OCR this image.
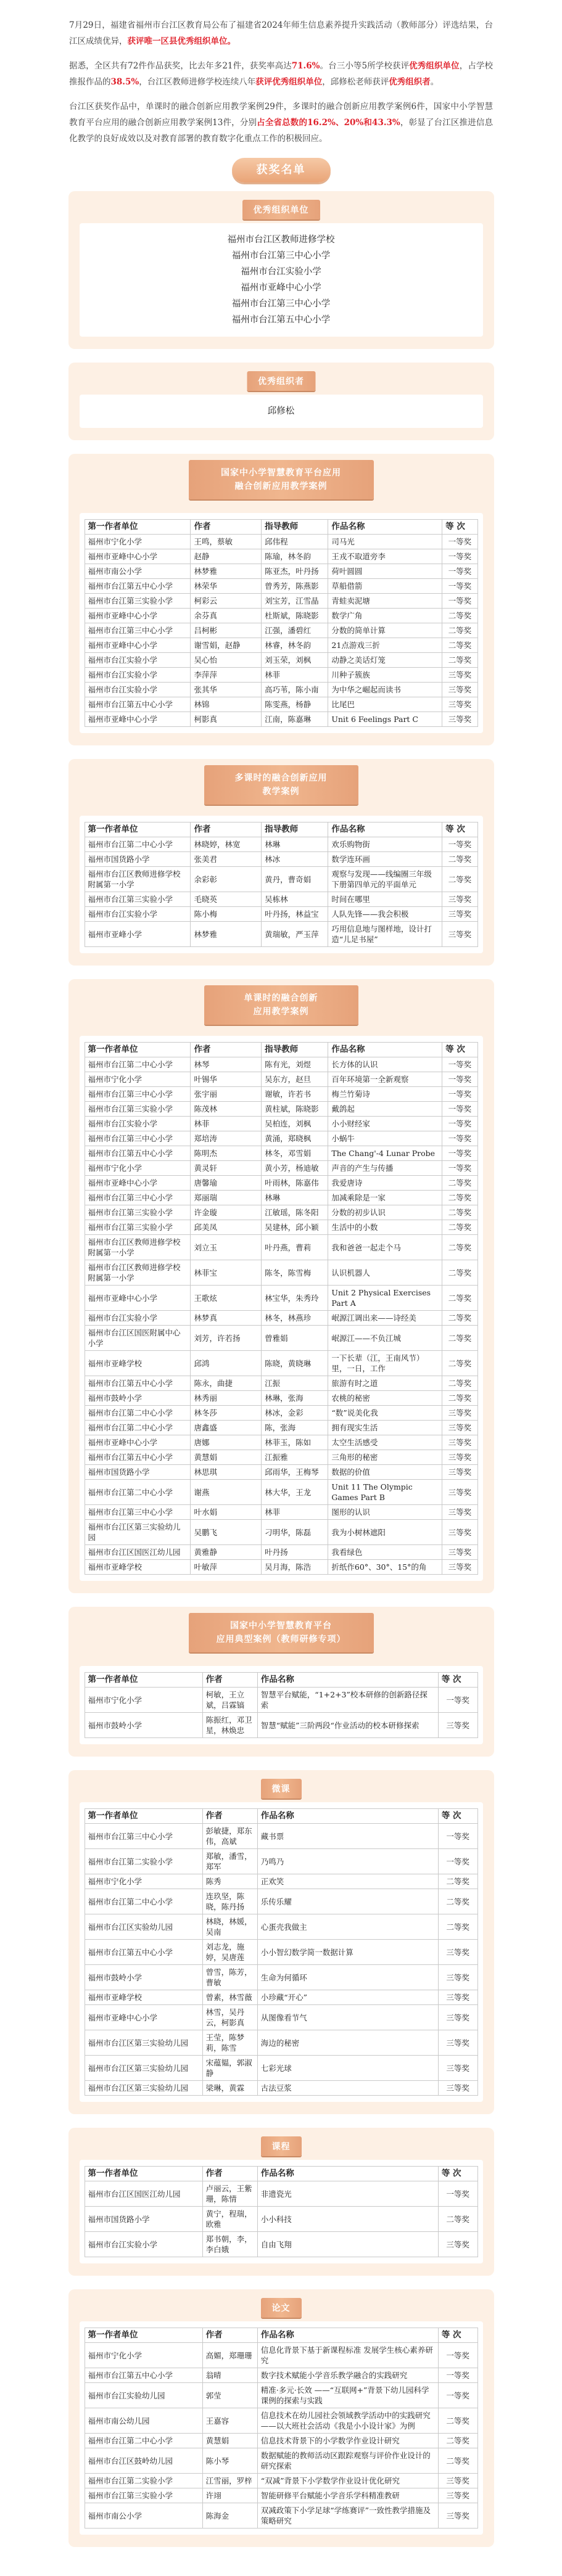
7月29日，福建省福州市台江区教育局公布了福建省2024年师生信息素养提升实践活动（教师部分）评选结果，台江区成绩优异，获评唯一区县优秀组织单位。

据悉，全区共有72件作品获奖，比去年多21件，获奖率高达71.6%。台三小等5所学校获评优秀组织单位，占学校推报作品的38.5%，台江区教师进修学校连续八年获评优秀组织单位，邱修松老师获评优秀组织者。

台江区获奖作品中，单课时的融合创新应用教学案例29件，多课时的融合创新应用教学案例6件，国家中小学智慧教育平台应用的融合创新应用教学案例13件，分别占全省总数的16.2%、20%和43.3%，彰显了台江区推进信息化教学的良好成效以及对教育部署的教育数字化重点工作的积极回应。

获奖名单
优秀组织单位
福州市台江区教师进修学校
福州市台江第三中心小学
福州市台江实验小学
福州市亚峰中心小学
福州市台江第三中心小学
福州市台江第五中心小学
优秀组织者
邱修松
国家中小学智慧教育平台应用
融合创新应用教学案例
第一作者单位	作者	指导教师	作品名称	等 次
福州市宁化小学	王鸣，蔡敏	邱伟程	司马光	一等奖
福州市亚峰中心小学	赵静	陈瑜，林冬韵	王戎不取道旁李	一等奖
福州市南公小学	林梦雅	陈亚杰，叶丹扬	荷叶圆圆	一等奖
福州市台江第五中心小学	林荣华	曾秀芳，陈燕影	草船借箭	一等奖
福州市台江第三实验小学	柯彩云	刘宝芳，江雪晶	青蛙卖泥塘	一等奖
福州市亚峰中心小学	余芬真	杜斯斌，陈晓影	数学广角	二等奖
福州市台江第三中心小学	吕柯彬	江强，潘碧红	分数的简单计算	二等奖
福州市亚峰中心小学	谢雪娟，赵静	林睿，林冬韵	21点游戏三折	二等奖
福州市台江实验小学	吴心怡	刘玉荣，刘枫	动静之美话灯笼	二等奖
福州市台江实验小学	李萍萍	林菲	川种子簇族	三等奖
福州市台江实验小学	张其华	高巧苇，陈小南	为中华之崛起而读书	三等奖
福州市台江第五中心小学	林锦	陈雯燕，杨静	比尾巴	三等奖
福州市亚峰中心小学	柯影真	江南，陈嘉琳	Unit 6 Feelings Part C	三等奖
多课时的融合创新应用
教学案例
第一作者单位	作者	指导教师	作品名称	等 次
福州市台江第二中心小学	林晓婷，林宽	林琳	欢乐购物街	一等奖
福州市国货路小学	张美君	林冰	数学连环画	二等奖
福州市台江区教师进修学校附属第一小学	余彩彰	黄丹，曹奇娟	观察与发现——线编圈三年级下册第四单元的平面单元	二等奖
福州市台江第三实验小学	毛晓英	吴栋林	时间在哪里	三等奖
福州市台江实验小学	陈小梅	叶丹扬，林益宝	人队先锋——我会积极	三等奖
福州市亚峰小学	林梦雅	黄瑞敏，严玉萍	巧用信息地与图样地，设计打造“儿足书屋”	三等奖
单课时的融合创新
应用教学案例
第一作者单位	作者	指导教师	作品名称	等 次
福州市台江第二中心小学	林琴	陈有光，刘煜	长方体的认识	一等奖
福州市宁化小学	叶锡华	吴东方，赵旦	百年环境第一全新观察	一等奖
福州市台江第三中心小学	张宇丽	谢敏，许若书	梅兰竹菊诗	一等奖
福州市台江第三实验小学	陈茂林	黄柱斌，陈晓影	戴鸽起	一等奖
福州市台江实验小学	林菲	吴柏连，刘枫	小小财经家	一等奖
福州市台江第三中心小学	郑培涛	黄涌，郑晓枫	小蜗牛	一等奖
福州市台江第五中心小学	陈明杰	林冬，邓雪娟	The Chang'-4 Lunar Probe	一等奖
福州市宁化小学	黄灵轩	黄小芳，杨迪敏	声音的产生与传播	一等奖
福州市亚峰中心小学	唐馨瑜	叶雨林，陈嘉伟	我爱唐诗	二等奖
福州市台江第三中心小学	郑丽瑞	林琳	加减乘除是一家	二等奖
福州市台江第三实验小学	许金璇	江敏瑶，陈冬阳	分数的初步认识	二等奖
福州市台江第三实验小学	邱美凤	吴建林，邱小颖	生活中的小数	二等奖
福州市台江区教师进修学校附属第一小学	刘立玉	叶丹燕，曹莉	我和爸爸一起走个马	二等奖
福州市台江区教师进修学校附属第一小学	林菲宝	陈冬，陈雪梅	认识机器人	二等奖
福州市亚峰中心小学	王歌炫	林宝华，朱秀玲	Unit 2 Physical Exercises Part A	二等奖
福州市台江实验小学	林梦真	林冬，林燕珍	岷源江调出来——诗经美	二等奖
福州市台江区国医附属中心小学	刘芳，许若扬	曾雅娟	岷源江——不负江城	二等奖
福州市亚峰学校	邱鸿	陈晓，黄晓琳	一下长辈（江，王南风节）里，一日，工作	二等奖
福州市台江第五中心小学	陈永，曲捷	江振	旅游有时之道	二等奖
福州市鼓岭小学	林秀丽	林琳，张海	农桃的秘密	二等奖
福州市台江第二中心小学	林冬莎	林冰，金彩	“数”说美化我	三等奖
福州市台江第二中心小学	唐鑫盛	陈，张海	拥有现实生活	三等奖
福州市亚峰中心小学	唐娜	林菲玉，陈如	太空生活感受	三等奖
福州市台江第五中心小学	黄慧娟	江振雅	三角形的秘密	三等奖
福州市国货路小学	林思琪	邱雨华，王梅琴	数据的价值	三等奖
福州市台江第二中心小学	谢燕	林大华，王龙	Unit 11 The Olympic Games Part B	三等奖
福州市台江第三中心小学	叶水娟	林菲	图形的认识	三等奖
福州市台江区第三实验幼儿园	吴鹏飞	刁明华，陈磊	我为小树林遮阳	三等奖
福州市台江区国医江幼儿园	黄雅静	叶丹扬	我看绿色	三等奖
福州市亚峰学校	叶敏萍	吴月海，陈浩	折纸作60°、30°、15°的角	三等奖
国家中小学智慧教育平台
应用典型案例（教师研修专项）
第一作者单位	作者	作品名称	等 次
福州市宁化小学	柯敏，王立斌，吕霖镐	智慧平台赋能，“1+2+3”校本研修的创新路径探索	一等奖
福州市鼓岭小学	陈振红，邓卫星，林焕忠	智慧“赋能”三阶两段“作业活动的校本研修探索	三等奖
微课
第一作者单位	作者	作品名称	等 次
福州市台江第三中心小学	彭敏捷，郑东伟，高斌	藏书票	一等奖
福州市台江第二实验小学	郑敏，潘雪，郑军	乃鸣乃	一等奖
福州市宁化小学	陈秀	正欢笑	二等奖
福州市台江第二中心小学	连玖坚，陈晓，陈丹扬	乐传乐耀	二等奖
福州市台江区实验幼儿园	林晓，林媛，吴南	心蛋壳我做主	二等奖
福州市台江第五中心小学	刘志龙，施婷，吴唐莲	小小智幻数学简一数据计算	三等奖
福州市鼓岭小学	曾雪，陈芳，曹敏	生命为何循环	三等奖
福州市亚峰学校	曾素，林雪薇	小珍藏“开心”	三等奖
福州市亚峰中心小学	林雪，吴丹云，柯影真	从图像看节气	三等奖
福州市台江区第三实验幼儿园	王莹，陈梦莉，陈雪	海边的秘密	三等奖
福州市台江区第三实验幼儿园	宋蕴韫，郭淑静	七彩光球	三等奖
福州市台江区第三实验幼儿园	梁琳，黄霖	古法豆浆	三等奖
课程
第一作者单位	作者	作品名称	等 次
福州市台江区国医江幼儿园	卢丽云，王紫珊，陈情	非遗瓷光	一等奖
福州市国货路小学	黄宁，程瑞，欧雅	小小科技	二等奖
福州市台江实验小学	郑书朝，李，李白娥	自由飞翔	三等奖
论文
第一作者单位	作者	作品名称	等 次
福州市宁化小学	高媚，郑珊珊	信息化背景下基于新课程标准 发展学生核心素养研究	一等奖
福州市台江第五中心小学	翁晴	数字技术赋能小学音乐教学融合的实践研究	一等奖
福州市台江实验幼儿园	郭莹	精准·多元·长效 ——“互联网+”背景下幼儿园科学课例的探索与实践	一等奖
福州市南公幼儿园	王嘉容	信息技术在幼儿园社会领域教学活动中的实践研究——以大班社会活动《我是小小设计家》为例	二等奖
福州市台江第二中心小学	黄慧娟	信息技术背景下的小学数学作业设计研究	二等奖
福州市台江区鼓岭幼儿园	陈小琴	数据赋能的教师活动区跟踪观察与评价作业设计的研究探索	二等奖
福州市台江第二实验小学	江雪丽，罗梓	“双减”背景下小学数学作业设计优化研究	三等奖
福州市台江第三实验小学	许翊	智能研修平台赋能小学音乐学科精准教研	三等奖
福州市南公小学	陈海金	双减政策下小学足球“学练赛评”一致性教学措施及策略研究	三等奖
